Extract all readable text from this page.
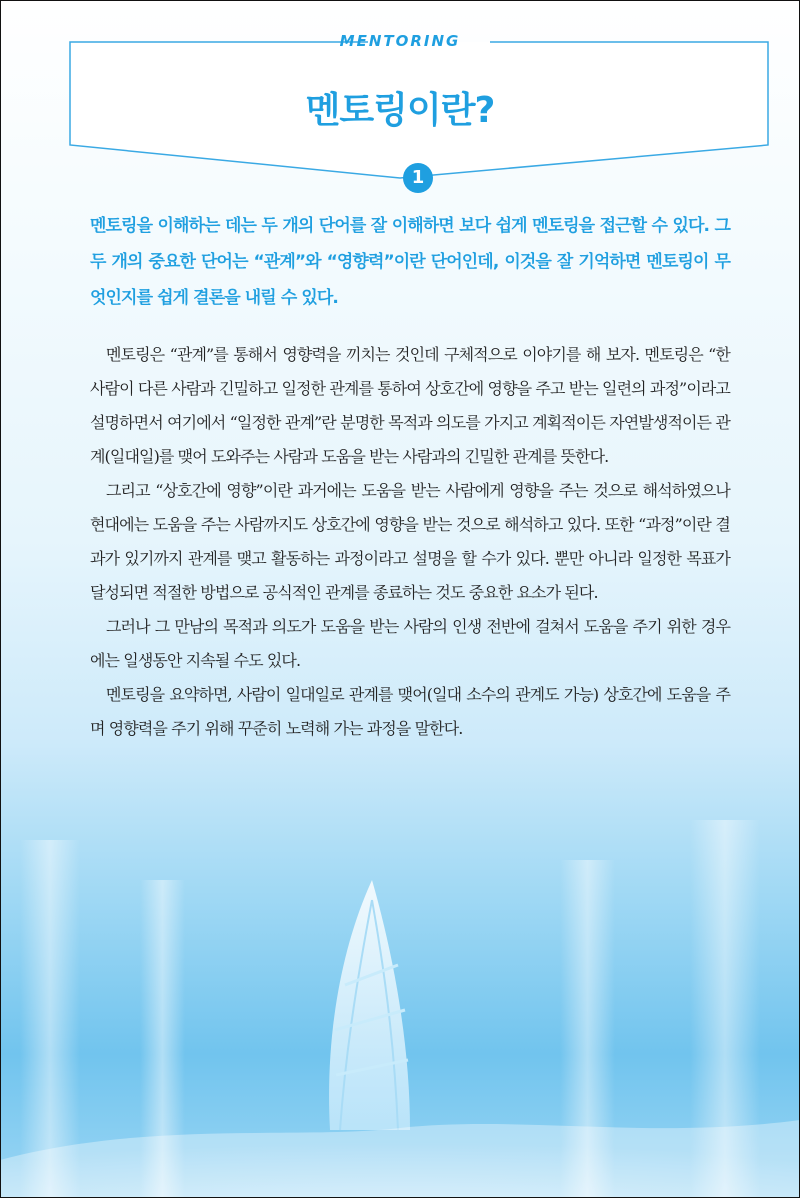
MENTORING
멘토링이란?
1

멘토링을 이해하는 데는 두 개의 단어를 잘 이해하면 보다 쉽게 멘토링을 접근할 수 있다. 그 두 개의 중요한 단어는 “관계”와 “영향력”이란 단어인데, 이것을 잘 기억하면 멘토링이 무엇인지를 쉽게 결론을 내릴 수 있다.

멘토링은 “관계”를 통해서 영향력을 끼치는 것인데 구체적으로 이야기를 해 보자. 멘토링은 “한사람이 다른 사람과 긴밀하고 일정한 관계를 통하여 상호간에 영향을 주고 받는 일련의 과정”이라고 설명하면서 여기에서 “일정한 관계”란 분명한 목적과 의도를 가지고 계획적이든 자연발생적이든 관계(일대일)를 맺어 도와주는 사람과 도움을 받는 사람과의 긴밀한 관계를 뜻한다.

그리고 “상호간에 영향”이란 과거에는 도움을 받는 사람에게 영향을 주는 것으로 해석하였으나 현대에는 도움을 주는 사람까지도 상호간에 영향을 받는 것으로 해석하고 있다. 또한 “과정”이란 결과가 있기까지 관계를 맺고 활동하는 과정이라고 설명을 할 수가 있다. 뿐만 아니라 일정한 목표가 달성되면 적절한 방법으로 공식적인 관계를 종료하는 것도 중요한 요소가 된다.

그러나 그 만남의 목적과 의도가 도움을 받는 사람의 인생 전반에 걸쳐서 도움을 주기 위한 경우에는 일생동안 지속될 수도 있다.

멘토링을 요약하면, 사람이 일대일로 관계를 맺어(일대 소수의 관계도 가능) 상호간에 도움을 주며 영향력을 주기 위해 꾸준히 노력해 가는 과정을 말한다.
